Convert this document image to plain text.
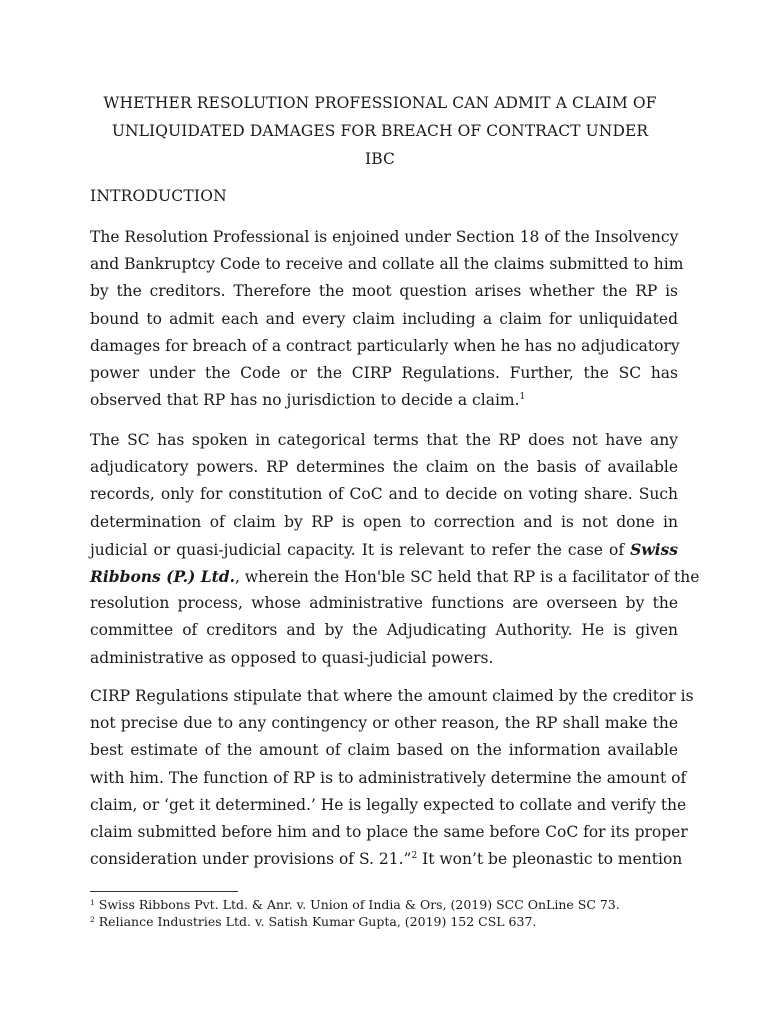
WHETHER RESOLUTION PROFESSIONAL CAN ADMIT A CLAIM OF
UNLIQUIDATED DAMAGES FOR BREACH OF CONTRACT UNDER
IBC
INTRODUCTION
The Resolution Professional is enjoined under Section 18 of the Insolvency
and Bankruptcy Code to receive and collate all the claims submitted to him
by the creditors. Therefore the moot question arises whether the RP is
bound to admit each and every claim including a claim for unliquidated
damages for breach of a contract particularly when he has no adjudicatory
power under the Code or the CIRP Regulations. Further, the SC has
observed that RP has no jurisdiction to decide a claim.$^1$
The SC has spoken in categorical terms that the RP does not have any
adjudicatory powers. RP determines the claim on the basis of available
records, only for constitution of CoC and to decide on voting share. Such
determination of claim by RP is open to correction and is not done in
judicial or quasi-judicial capacity. It is relevant to refer the case of Swiss
Ribbons (P.) Ltd., wherein the Hon'ble SC held that RP is a facilitator of the
resolution process, whose administrative functions are overseen by the
committee of creditors and by the Adjudicating Authority. He is given
administrative as opposed to quasi-judicial powers.
CIRP Regulations stipulate that where the amount claimed by the creditor is
not precise due to any contingency or other reason, the RP shall make the
best estimate of the amount of claim based on the information available
with him. The function of RP is to administratively determine the amount of
claim, or ‘get it determined.’ He is legally expected to collate and verify the
claim submitted before him and to place the same before CoC for its proper
consideration under provisions of S. 21.”$^2$ It won’t be pleonastic to mention
$^1$ Swiss Ribbons Pvt. Ltd. & Anr. v. Union of India & Ors, (2019) SCC OnLine SC 73.
$^2$ Reliance Industries Ltd. v. Satish Kumar Gupta, (2019) 152 CSL 637.
